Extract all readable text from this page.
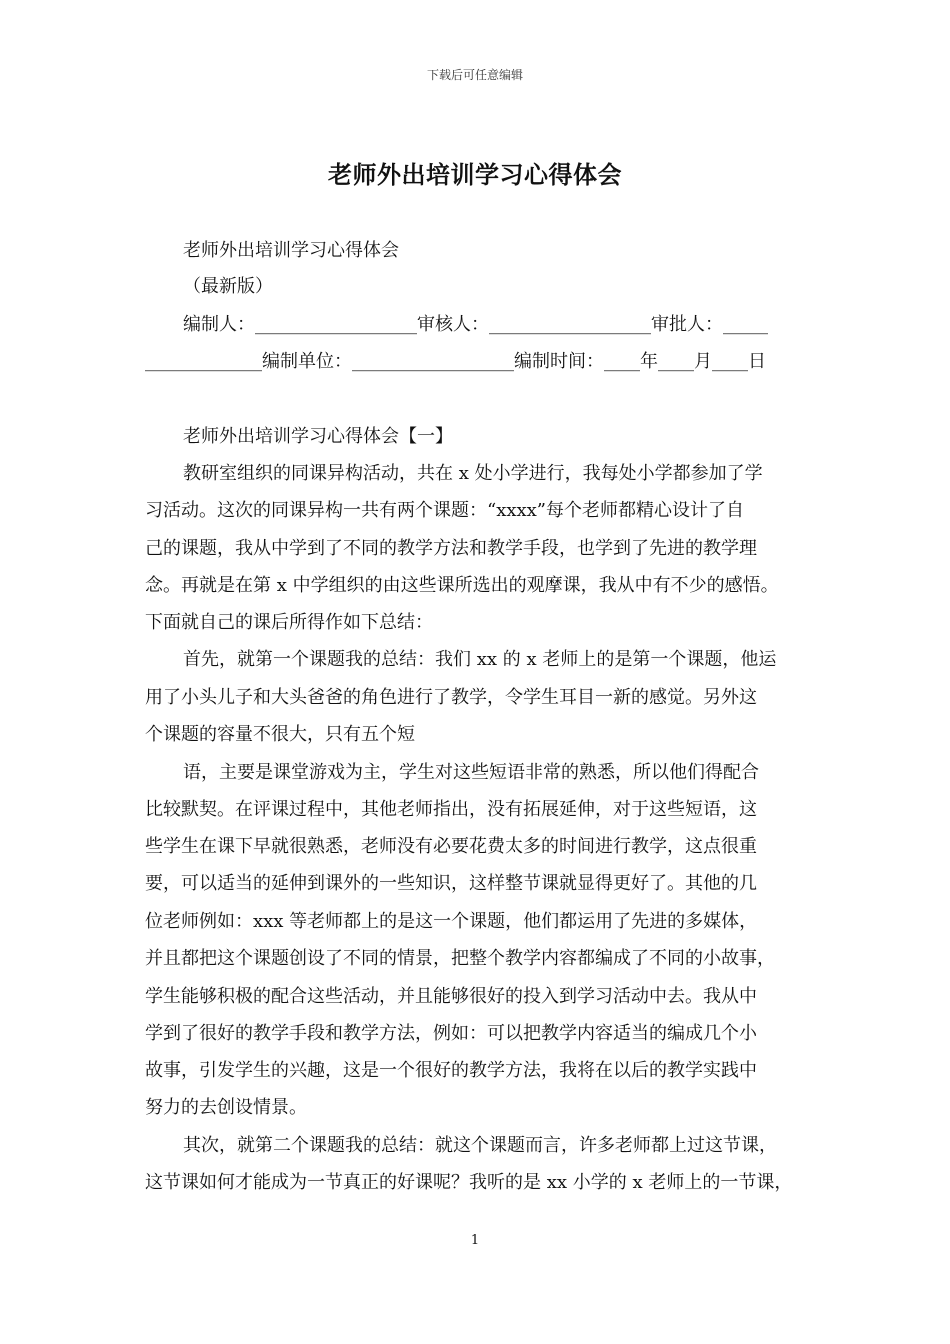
下载后可任意编辑
老师外出培训学习心得体会
老师外出培训学习心得体会
（最新版）
编制人：__________________审核人：__________________审批人：_____
_____________编制单位：__________________编制时间：____年____月____日
老师外出培训学习心得体会【一】
教研室组织的同课异构活动，共在 x 处小学进行，我每处小学都参加了学
习活动。这次的同课异构一共有两个课题：“xxxx”每个老师都精心设计了自
己的课题，我从中学到了不同的教学方法和教学手段，也学到了先进的教学理
念。再就是在第 x 中学组织的由这些课所选出的观摩课，我从中有不少的感悟。
下面就自己的课后所得作如下总结：
首先，就第一个课题我的总结：我们 xx 的 x 老师上的是第一个课题，他运
用了小头儿子和大头爸爸的角色进行了教学，令学生耳目一新的感觉。另外这
个课题的容量不很大，只有五个短
语，主要是课堂游戏为主，学生对这些短语非常的熟悉，所以他们得配合
比较默契。在评课过程中，其他老师指出，没有拓展延伸，对于这些短语，这
些学生在课下早就很熟悉，老师没有必要花费太多的时间进行教学，这点很重
要，可以适当的延伸到课外的一些知识，这样整节课就显得更好了。其他的几
位老师例如：xxx 等老师都上的是这一个课题，他们都运用了先进的多媒体，
并且都把这个课题创设了不同的情景，把整个教学内容都编成了不同的小故事，
学生能够积极的配合这些活动，并且能够很好的投入到学习活动中去。我从中
学到了很好的教学手段和教学方法，例如：可以把教学内容适当的编成几个小
故事，引发学生的兴趣，这是一个很好的教学方法，我将在以后的教学实践中
努力的去创设情景。
其次，就第二个课题我的总结：就这个课题而言，许多老师都上过这节课，
这节课如何才能成为一节真正的好课呢？我听的是 xx 小学的 x 老师上的一节课，
1
